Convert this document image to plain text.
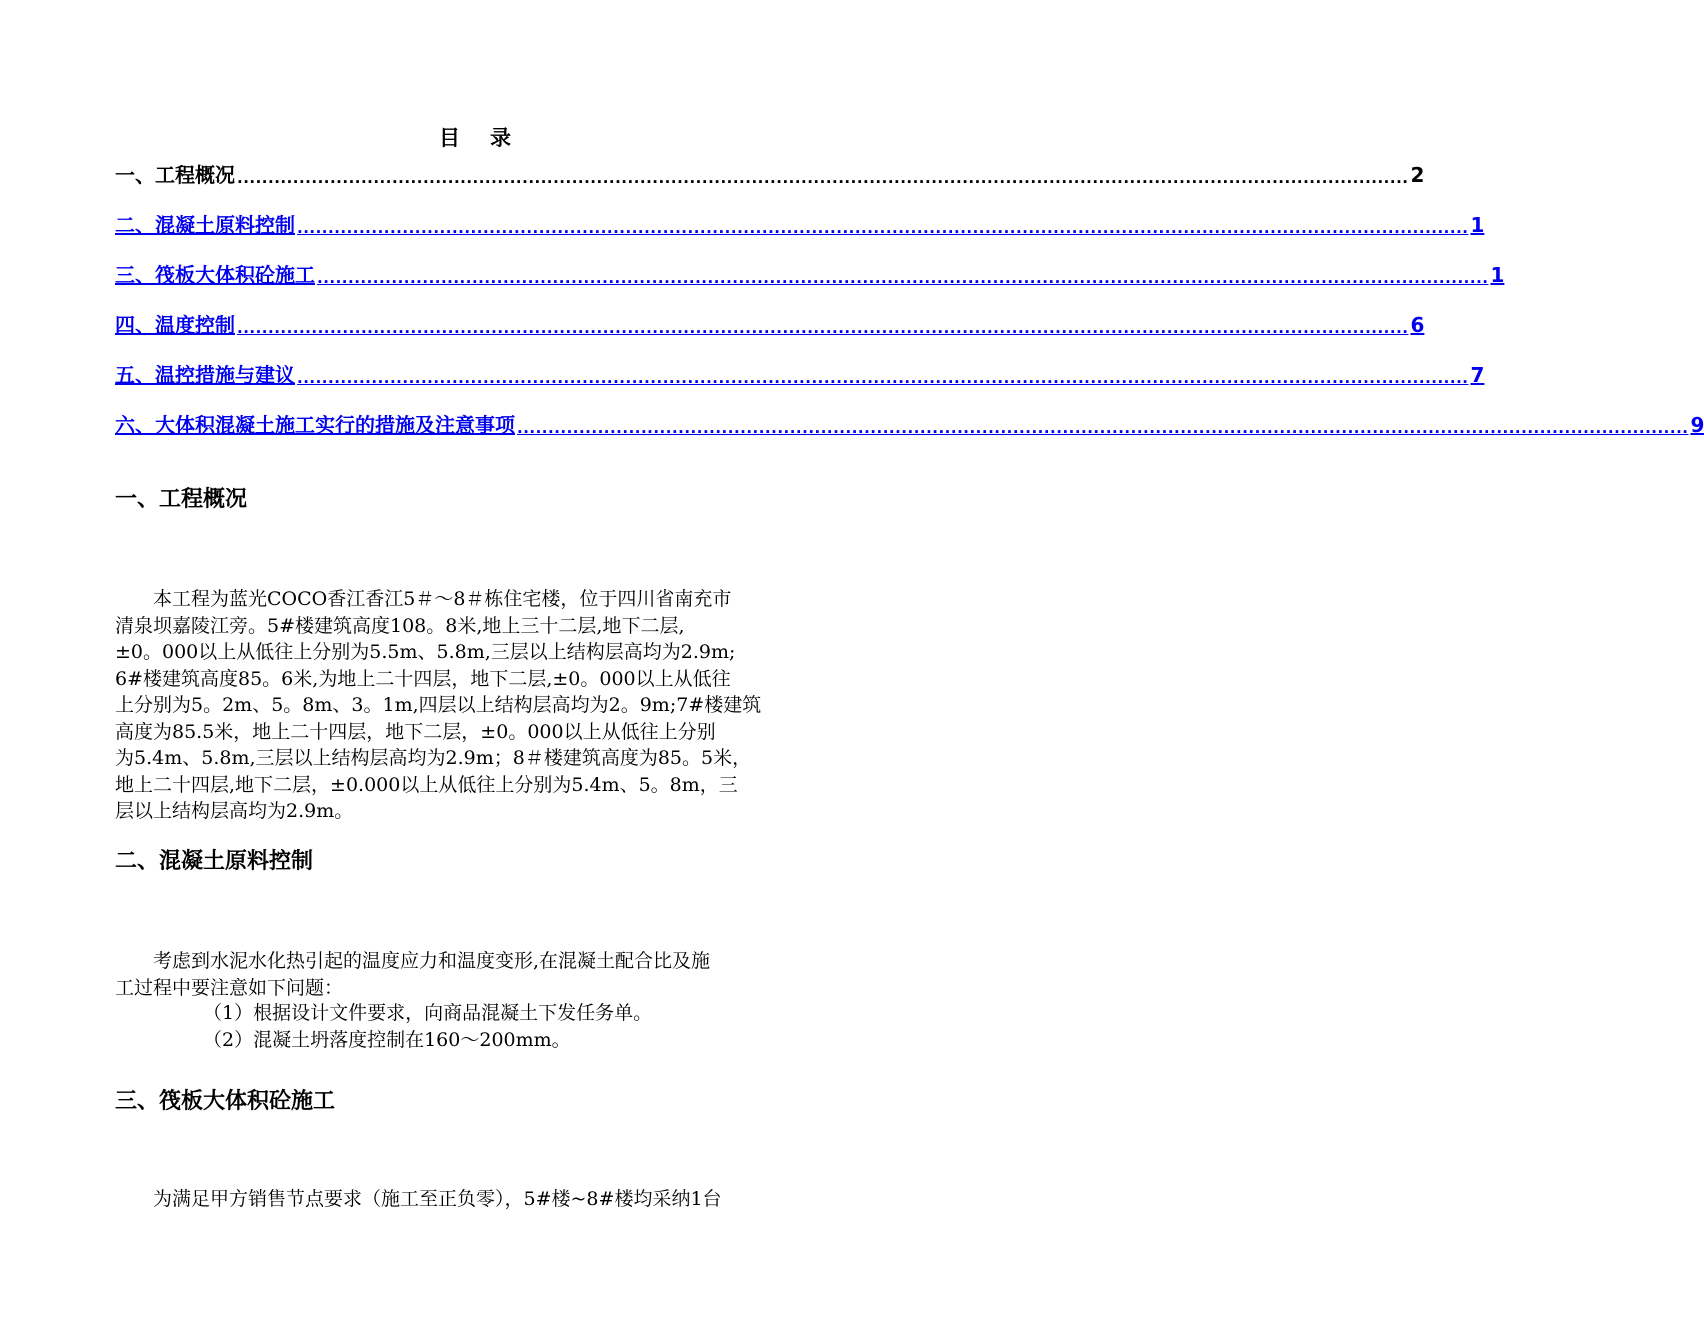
目 录
一、工程概况 ............................................................................................................................................................................................. 2
二、混凝土原料控制 ............................................................................................................................................................................................. 1
三、筏板大体积砼施工 ............................................................................................................................................................................................. 1
四、温度控制 ............................................................................................................................................................................................. 6
五、温控措施与建议 ............................................................................................................................................................................................. 7
六、大体积混凝土施工实行的措施及注意事项 ............................................................................................................................................................................................. 9
一、工程概况

　　本工程为蓝光COCO香江香江5＃～8＃栋住宅楼，位于四川省南充市

清泉坝嘉陵江旁。5#楼建筑高度108。8米,地上三十二层,地下二层,

±0。000以上从低往上分别为5.5m、5.8m,三层以上结构层高均为2.9m;

6#楼建筑高度85。6米,为地上二十四层，地下二层,±0。000以上从低往

上分别为5。2m、5。8m、3。1m,四层以上结构层高均为2。9m;7#楼建筑

高度为85.5米，地上二十四层，地下二层，±0。000以上从低往上分别

为5.4m、5.8m,三层以上结构层高均为2.9m；8＃楼建筑高度为85。5米，

地上二十四层,地下二层，±0.000以上从低往上分别为5.4m、5。8m，三

层以上结构层高均为2.9m。

二、混凝土原料控制

　　考虑到水泥水化热引起的温度应力和温度变形,在混凝土配合比及施

工过程中要注意如下问题：

（1）根据设计文件要求，向商品混凝土下发任务单。

（2）混凝土坍落度控制在160～200mm。

三、筏板大体积砼施工

　　为满足甲方销售节点要求（施工至正负零），5#楼~8#楼均采纳1台
